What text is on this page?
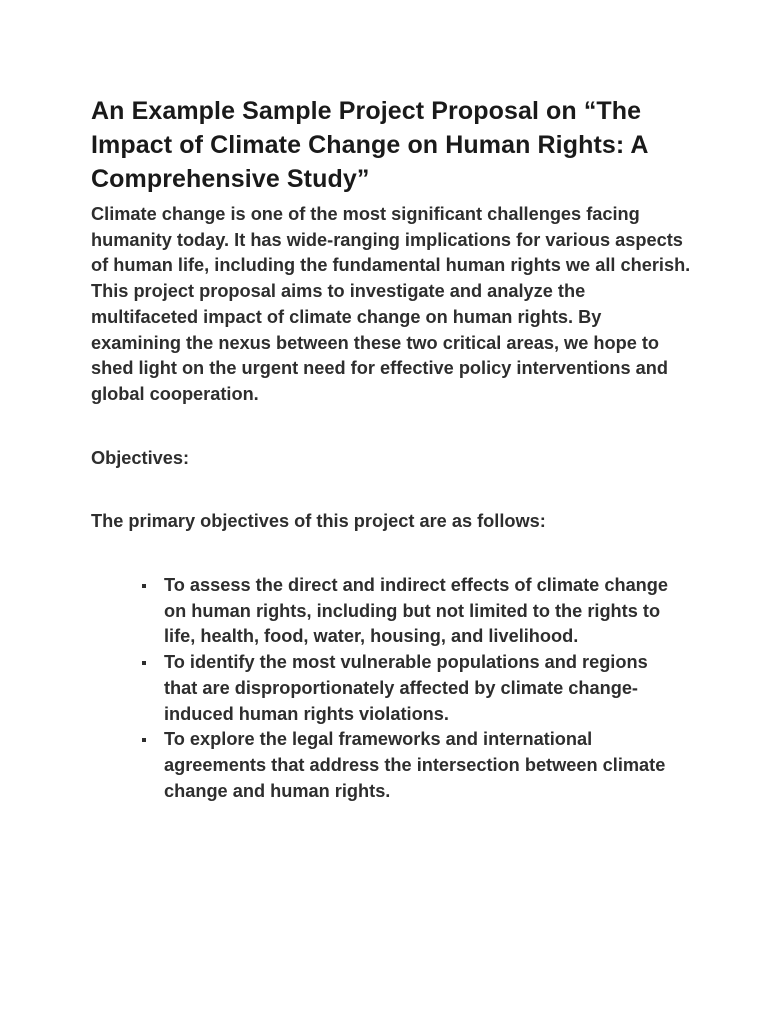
An Example Sample Project Proposal on “The Impact of Climate Change on Human Rights: A Comprehensive Study”

Climate change is one of the most significant challenges facing humanity today. It has wide-ranging implications for various aspects of human life, including the fundamental human rights we all cherish. This project proposal aims to investigate and analyze the multifaceted impact of climate change on human rights. By examining the nexus between these two critical areas, we hope to shed light on the urgent need for effective policy interventions and global cooperation.

Objectives:

The primary objectives of this project are as follows:

To assess the direct and indirect effects of climate change on human rights, including but not limited to the rights to life, health, food, water, housing, and livelihood.
To identify the most vulnerable populations and regions that are disproportionately affected by climate change-induced human rights violations.
To explore the legal frameworks and international agreements that address the intersection between climate change and human rights.
